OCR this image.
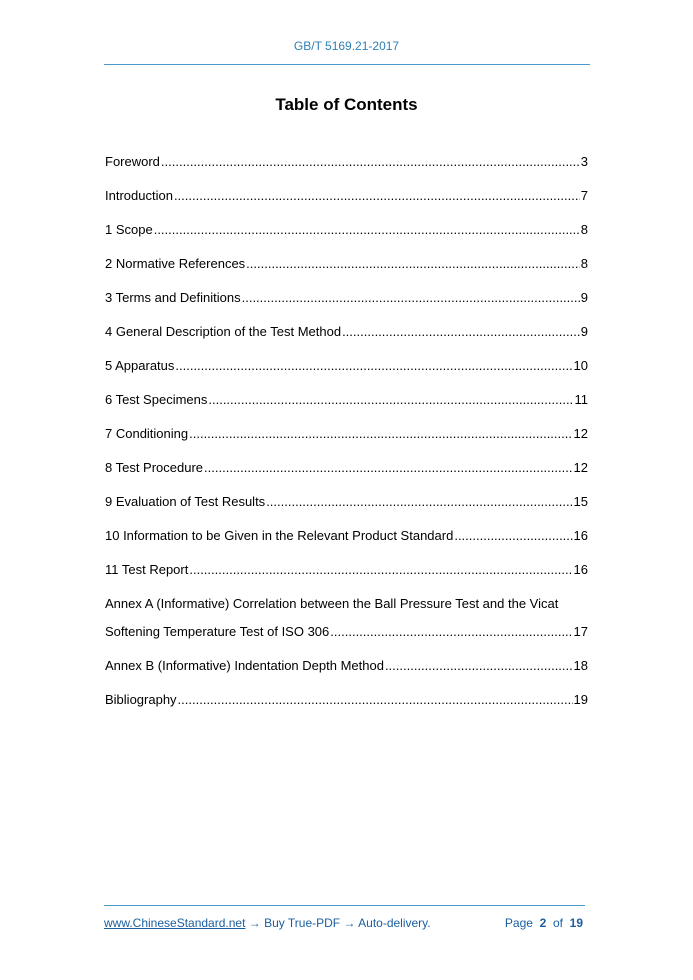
GB/T 5169.21-2017
Table of Contents
Foreword .....	3
Introduction .....	7
1 Scope .....	8
2 Normative References .....	8
3 Terms and Definitions .....	9
4 General Description of the Test Method .....	9
5 Apparatus .....	10
6 Test Specimens .....	11
7 Conditioning .....	12
8 Test Procedure .....	12
9 Evaluation of Test Results .....	15
10 Information to be Given in the Relevant Product Standard .....	16
11 Test Report .....	16
Annex A (Informative) Correlation between the Ball Pressure Test and the Vicat
Softening Temperature Test of ISO 306 .....	17
Annex B (Informative) Indentation Depth Method .....	18
Bibliography .....	19
www.ChineseStandard.net → Buy True-PDF → Auto-delivery.	Page 2 of 19
